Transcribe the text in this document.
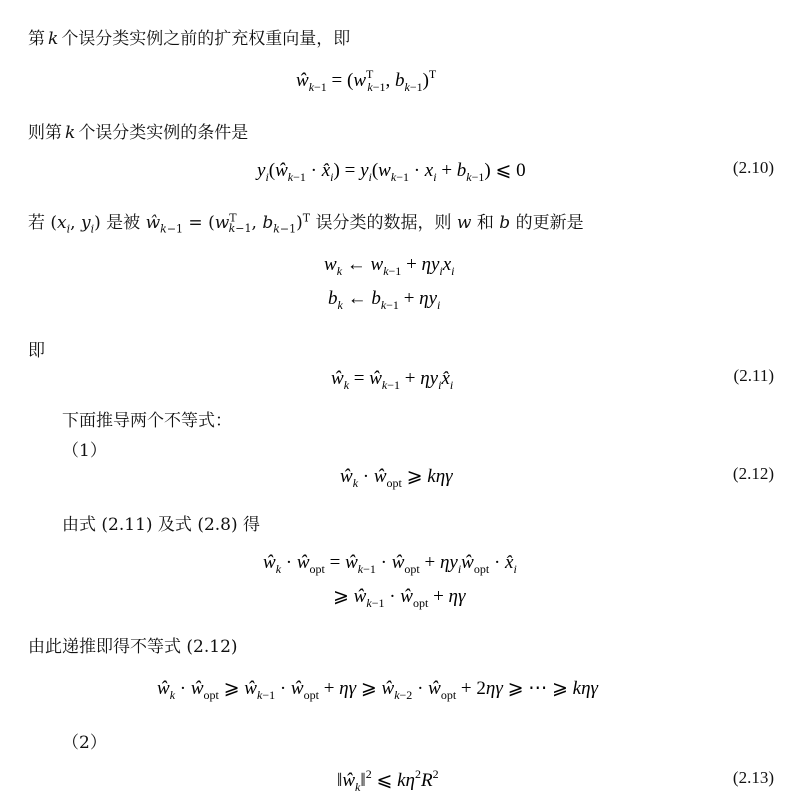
第 k 个误分类实例之前的扩充权重向量，即
$ŵ_k-1 = (w^T$ k−1, $b_k-1)^T$
则第 k 个误分类实例的条件是
$y_i(ŵ_k-1$ · $x̂_i) = y_i(w_k-1 \cdot x_i + b_k-1)$ ⩽ 0	(2.10)
若 ($x_i$, $y_i$) 是被 $ŵ_{k-1} = (w^T_{k-1}$, $b_{k-1})^T$ 误分类的数据，则 w 和 b 的更新是
$w_k$ ← $w_k-1 + \eta y_ix_i$
$b_k$ ← $b_k-1 + \eta y_i$
即
$ŵ_k$ = $ŵ_k-1$ + $\eta y_ix̂_i$	(2.11)
下面推导两个不等式：
（1）
$ŵ_k$ · $ŵ_{opt}$ ⩾ kηγ	(2.12)
由式 (2.11) 及式 (2.8) 得
$ŵ_k$ · $ŵ_{opt}$ = $ŵ_k-1$ · $ŵ_{opt}$ + $\eta y_iŵ_{opt}$ · $x̂_i$
⩾ $ŵ_k-1$ · $ŵ_{opt} + \eta\gamma$
由此递推即得不等式 (2.12)
$ŵ_k$ · $ŵ_{opt}$ ⩾ $ŵ_k-1$ · $ŵ_{opt} + \eta\gamma$ ⩾ $ŵ_k-2$ · $ŵ_{opt} + 2\eta\gamma$ ⩾ ⋯ ⩾ kηγ
（2）
$‖ŵ_k‖^2$ ⩽ $k\eta^2R^2$	(2.13)
